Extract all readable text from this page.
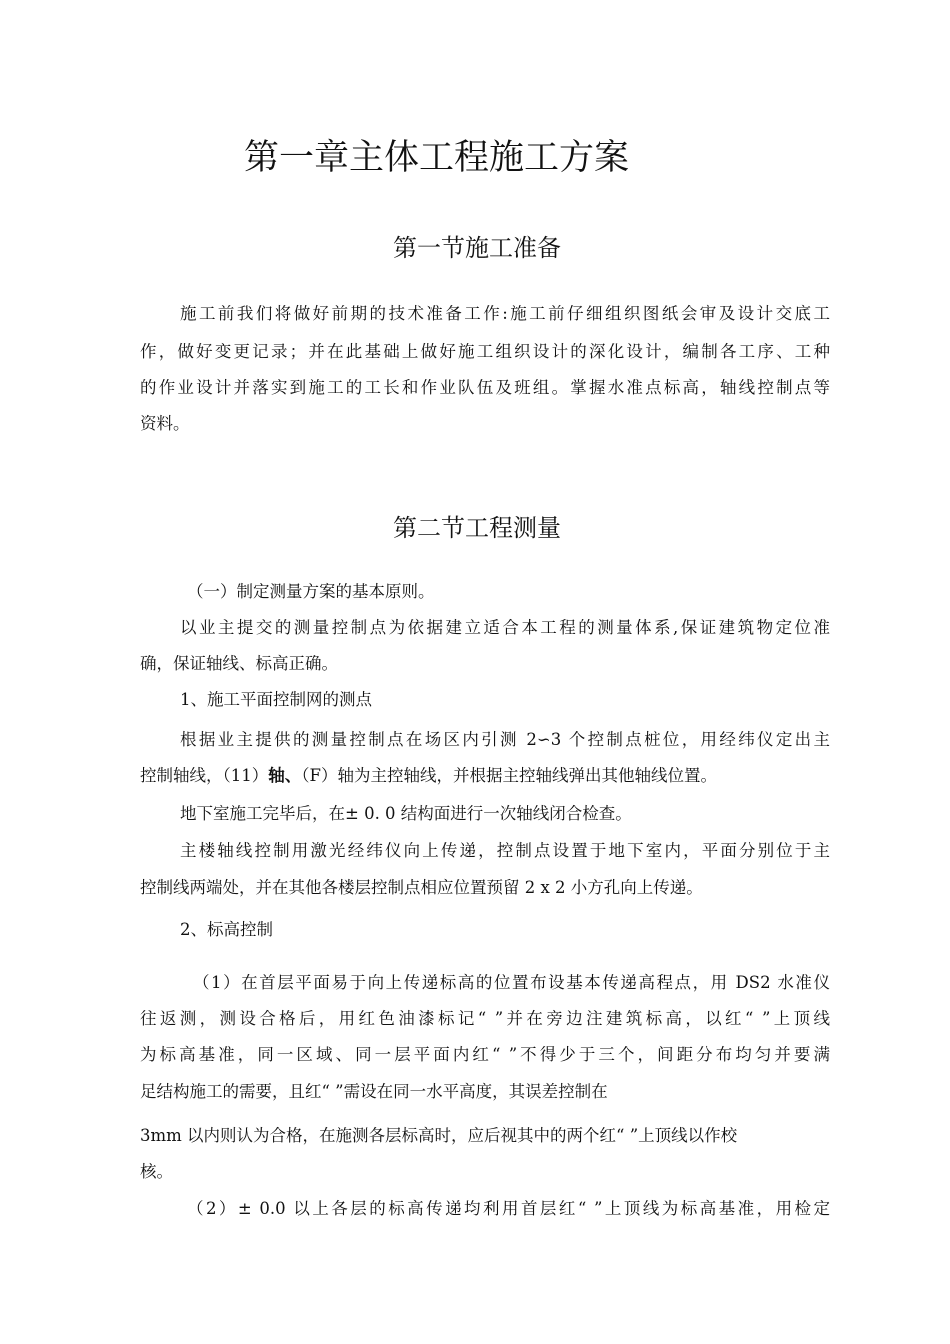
第一章主体工程施工方案
第一节施工准备
施工前我们将做好前期的技术准备工作:施工前仔细组织图纸会审及设计交底工
作，做好变更记录；并在此基础上做好施工组织设计的深化设计，编制各工序、工种
的作业设计并落实到施工的工长和作业队伍及班组。掌握水准点标高，轴线控制点等
资料。
第二节工程测量
（一）制定测量方案的基本原则。
以业主提交的测量控制点为依据建立适合本工程的测量体系,保证建筑物定位准
确，保证轴线、标高正确。
1、施工平面控制网的测点
根据业主提供的测量控制点在场区内引测 2∽3 个控制点桩位，用经纬仪定出主
控制轴线，（11）轴、（F）轴为主控轴线，并根据主控轴线弹出其他轴线位置。
地下室施工完毕后，在± 0. 0 结构面进行一次轴线闭合检查。
主楼轴线控制用激光经纬仪向上传递，控制点设置于地下室内，平面分别位于主
控制线两端处，并在其他各楼层控制点相应位置预留 2 x 2 小方孔向上传递。
2、标高控制
（1）在首层平面易于向上传递标高的位置布设基本传递高程点，用 DS2 水准仪
往返测，测设合格后，用红色油漆标记“ ”并在旁边注建筑标高，以红“ ”上顶线
为标高基准，同一区域、同一层平面内红“ ”不得少于三个，间距分布均匀并要满
足结构施工的需要，且红“ ”需设在同一水平高度，其误差控制在
3mm 以内则认为合格，在施测各层标高时，应后视其中的两个红“ ”上顶线以作校
核。
（2）± 0.0 以上各层的标高传递均利用首层红“ ”上顶线为标高基准，用检定
